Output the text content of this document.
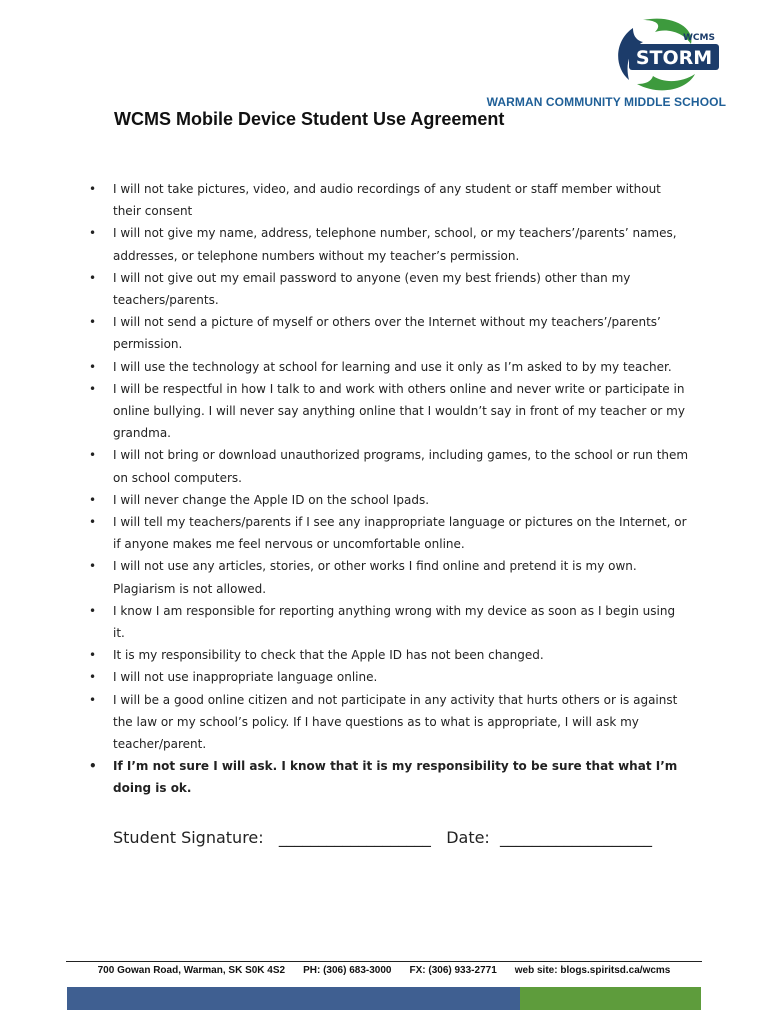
STORM
WCMS
WARMAN COMMUNITY MIDDLE SCHOOL
WCMS Mobile Device Student Use Agreement
• I will not take pictures, video, and audio recordings of any student or staff member without their consent
• I will not give my name, address, telephone number, school, or my teachers’/parents’ names, addresses, or telephone numbers without my teacher’s permission.
• I will not give out my email password to anyone (even my best friends) other than my teachers/parents.
• I will not send a picture of myself or others over the Internet without my teachers’/parents’ permission.
• I will use the technology at school for learning and use it only as I’m asked to by my teacher.
• I will be respectful in how I talk to and work with others online and never write or participate in online bullying. I will never say anything online that I wouldn’t say in front of my teacher or my grandma.
• I will not bring or download unauthorized programs, including games, to the school or run them on school computers.
• I will never change the Apple ID on the school Ipads.
• I will tell my teachers/parents if I see any inappropriate language or pictures on the Internet, or if anyone makes me feel nervous or uncomfortable online.
• I will not use any articles, stories, or other works I find online and pretend it is my own. Plagiarism is not allowed.
• I know I am responsible for reporting anything wrong with my device as soon as I begin using it.
• It is my responsibility to check that the Apple ID has not been changed.
• I will not use inappropriate language online.
• I will be a good online citizen and not participate in any activity that hurts others or is against the law or my school’s policy. If I have questions as to what is appropriate, I will ask my teacher/parent.
• If I’m not sure I will ask. I know that it is my responsibility to be sure that what I’m doing is ok.
Student Signature: ___________________ Date: ___________________
700 Gowan Road, Warman, SK S0K 4S2 PH: (306) 683-3000 FX: (306) 933-2771 web site: blogs.spiritsd.ca/wcms
